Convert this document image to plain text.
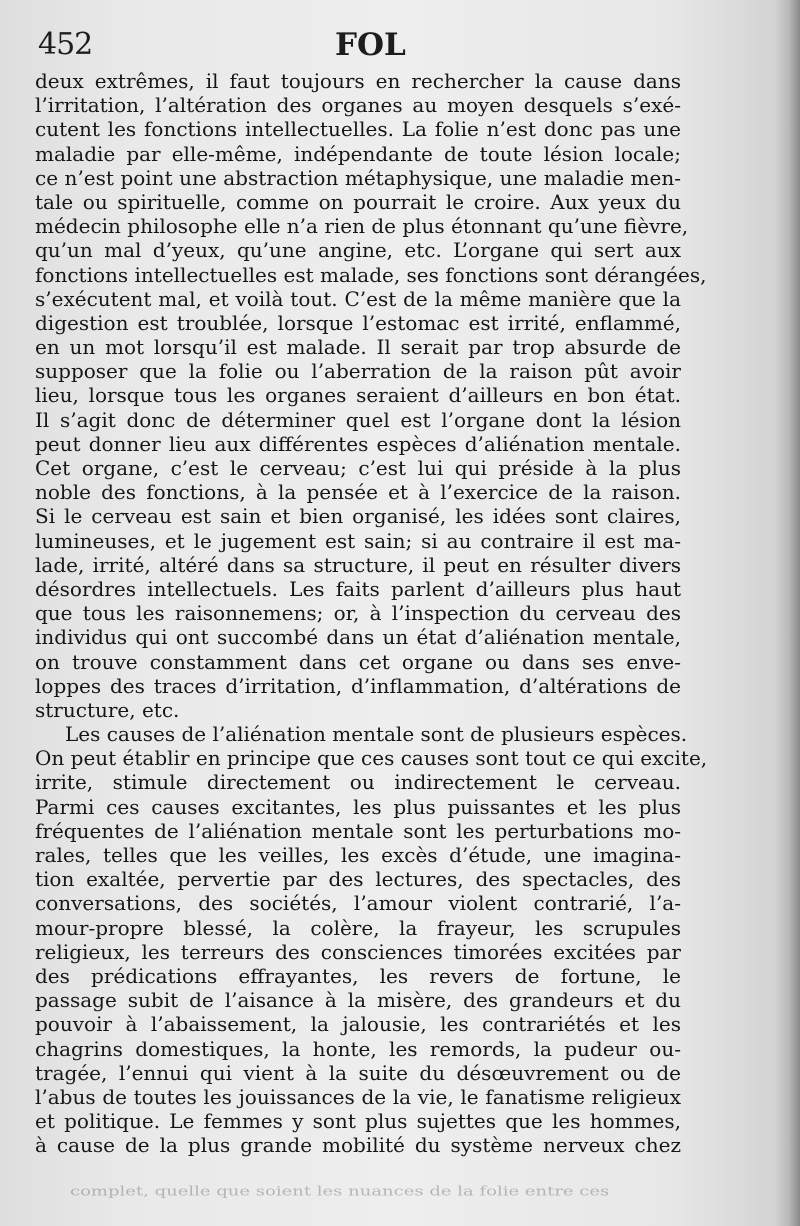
452	FOL
deux extrêmes, il faut toujours en rechercher la cause dans
l’irritation, l’altération des organes au moyen desquels s’exé-
cutent les fonctions intellectuelles. La folie n’est donc pas une
maladie par elle-même, indépendante de toute lésion locale;
ce n’est point une abstraction métaphysique, une maladie men-
tale ou spirituelle, comme on pourrait le croire. Aux yeux du
médecin philosophe elle n’a rien de plus étonnant qu’une fièvre,
qu’un mal d’yeux, qu’une angine, etc. L’organe qui sert aux
fonctions intellectuelles est malade, ses fonctions sont dérangées,
s’exécutent mal, et voilà tout. C’est de la même manière que la
digestion est troublée, lorsque l’estomac est irrité, enflammé,
en un mot lorsqu’il est malade. Il serait par trop absurde de
supposer que la folie ou l’aberration de la raison pût avoir
lieu, lorsque tous les organes seraient d’ailleurs en bon état.
Il s’agit donc de déterminer quel est l’organe dont la lésion
peut donner lieu aux différentes espèces d’aliénation mentale.
Cet organe, c’est le cerveau; c’est lui qui préside à la plus
noble des fonctions, à la pensée et à l’exercice de la raison.
Si le cerveau est sain et bien organisé, les idées sont claires,
lumineuses, et le jugement est sain; si au contraire il est ma-
lade, irrité, altéré dans sa structure, il peut en résulter divers
désordres intellectuels. Les faits parlent d’ailleurs plus haut
que tous les raisonnemens; or, à l’inspection du cerveau des
individus qui ont succombé dans un état d’aliénation mentale,
on trouve constamment dans cet organe ou dans ses enve-
loppes des traces d’irritation, d’inflammation, d’altérations de
structure, etc.
Les causes de l’aliénation mentale sont de plusieurs espèces.
On peut établir en principe que ces causes sont tout ce qui excite,
irrite, stimule directement ou indirectement le cerveau.
Parmi ces causes excitantes, les plus puissantes et les plus
fréquentes de l’aliénation mentale sont les perturbations mo-
rales, telles que les veilles, les excès d’étude, une imagina-
tion exaltée, pervertie par des lectures, des spectacles, des
conversations, des sociétés, l’amour violent contrarié, l’a-
mour-propre blessé, la colère, la frayeur, les scrupules
religieux, les terreurs des consciences timorées excitées par
des prédications effrayantes, les revers de fortune, le
passage subit de l’aisance à la misère, des grandeurs et du
pouvoir à l’abaissement, la jalousie, les contrariétés et les
chagrins domestiques, la honte, les remords, la pudeur ou-
tragée, l’ennui qui vient à la suite du désœuvrement ou de
l’abus de toutes les jouissances de la vie, le fanatisme religieux
et politique. Le femmes y sont plus sujettes que les hommes,
à cause de la plus grande mobilité du système nerveux chez
complet, quelle que soient les nuances de la folie entre ces
